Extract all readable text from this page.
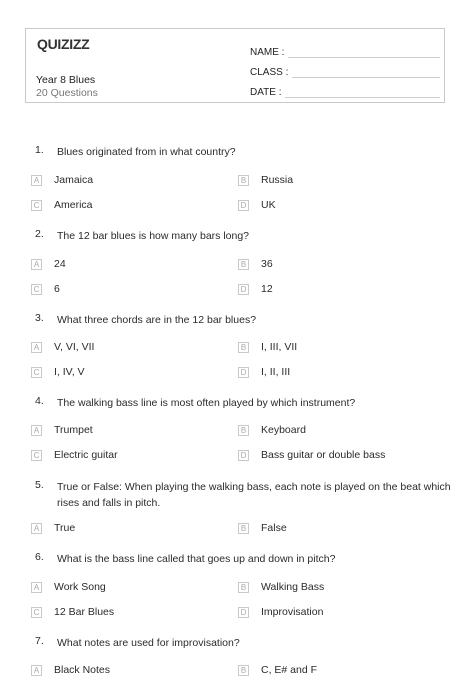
QUIZIZZ
Year 8 Blues
20 Questions
NAME :
CLASS :
DATE :
1.	Blues originated from in what country?
A Jamaica	B Russia
C America	D UK
2.	The 12 bar blues is how many bars long?
A 24	B 36
C 6	D 12
3.	What three chords are in the 12 bar blues?
A V, VI, VII	B I, III, VII
C I, IV, V	D I, II, III
4.	The walking bass line is most often played by which instrument?
A Trumpet	B Keyboard
C Electric guitar	D Bass guitar or double bass
5.	True or False: When playing the walking bass, each note is played on the beat which rises and falls in pitch.
A True	B False
6.	What is the bass line called that goes up and down in pitch?
A Work Song	B Walking Bass
C 12 Bar Blues	D Improvisation
7.	What notes are used for improvisation?
A Black Notes	B C, E# and F
